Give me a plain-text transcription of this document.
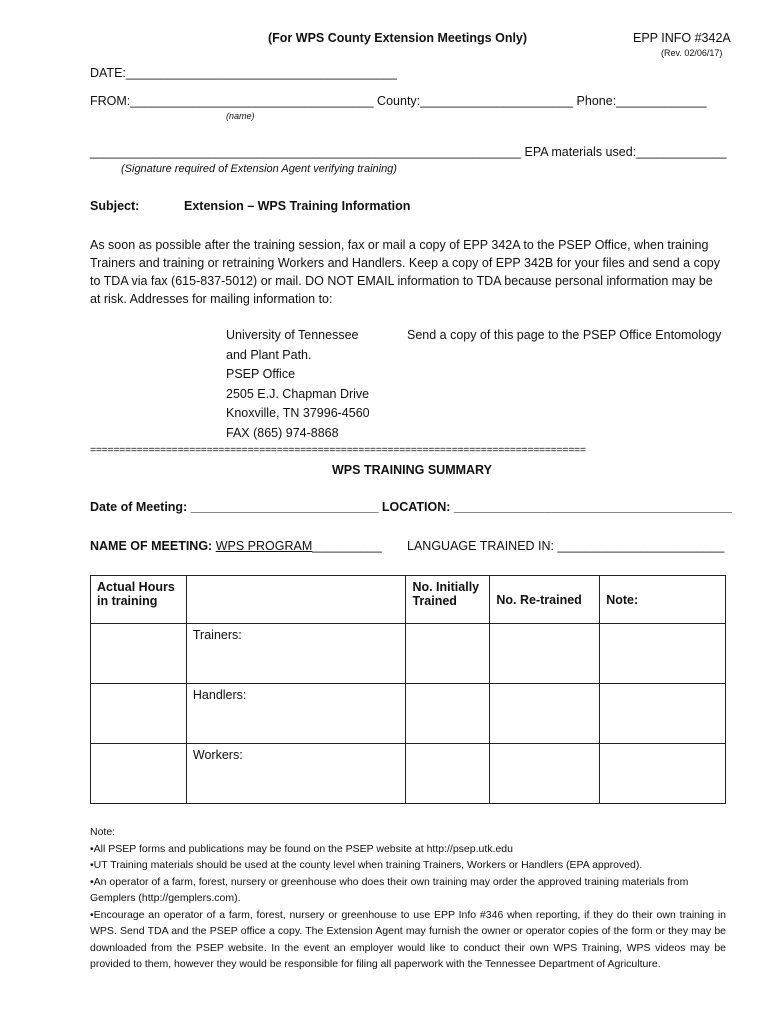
(For WPS County Extension Meetings Only)	EPP INFO #342A
(Rev. 02/06/17)
DATE:_______________________________________
FROM:___________________________________ County:______________________ Phone:_____________
(name)
______________________________________________________________ EPA materials used:_____________
(Signature required of Extension Agent verifying training)
Subject:	Extension – WPS Training Information
As soon as possible after the training session, fax or mail a copy of EPP 342A to the PSEP Office, when training Trainers and training or retraining Workers and Handlers. Keep a copy of EPP 342B for your files and send a copy to TDA via fax (615-837-5012) or mail. DO NOT EMAIL information to TDA because personal information may be at risk. Addresses for mailing information to:
University of Tennessee
and Plant Path.
PSEP Office
2505 E.J. Chapman Drive
Knoxville, TN 37996-4560
FAX (865) 974-8868
Send a copy of this page to the PSEP Office Entomology
=====================================================================================
WPS TRAINING SUMMARY
Date of Meeting: ___________________________ LOCATION: ________________________________________
NAME OF MEETING: WPS PROGRAM__________ LANGUAGE TRAINED IN: ________________________
Actual Hours in training		No. Initially Trained	No. Re-trained	Note:
	Trainers:			
	Handlers:			
	Workers:			

Note:

•All PSEP forms and publications may be found on the PSEP website at http://psep.utk.edu

•UT Training materials should be used at the county level when training Trainers, Workers or Handlers (EPA approved).

•An operator of a farm, forest, nursery or greenhouse who does their own training may order the approved training materials from Gemplers (http://gemplers.com).

•Encourage an operator of a farm, forest, nursery or greenhouse to use EPP Info #346 when reporting, if they do their own training in WPS. Send TDA and the PSEP office a copy. The Extension Agent may furnish the owner or operator copies of the form or they may be downloaded from the PSEP website. In the event an employer would like to conduct their own WPS Training, WPS videos may be provided to them, however they would be responsible for filing all paperwork with the Tennessee Department of Agriculture.
